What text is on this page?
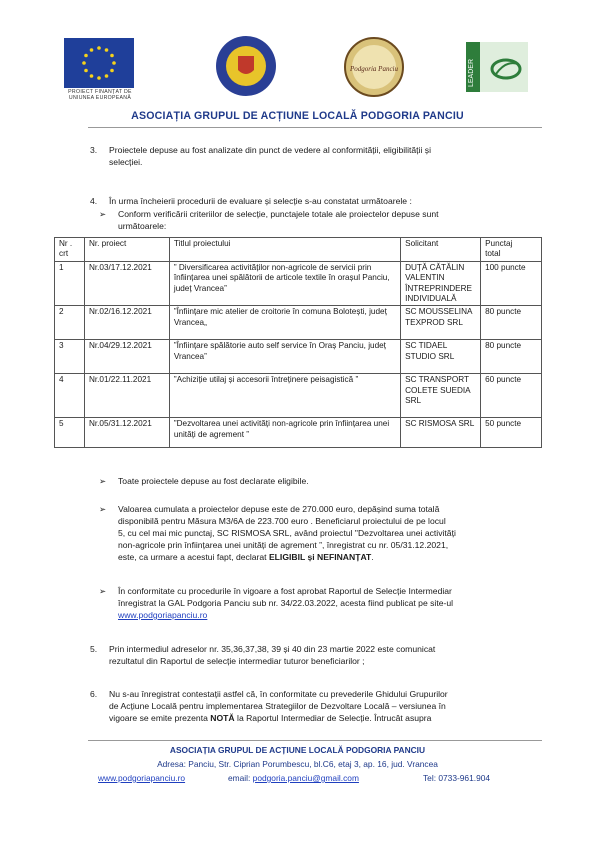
PROIECT FINANȚAT DE UNIUNEA EUROPEANĂ
Podgoria Panciu	LEADER
ASOCIAȚIA GRUPUL DE ACȚIUNE LOCALĂ PODGORIA PANCIU
3. Proiectele depuse au fost analizate din punct de vedere al conformității, eligibilității și
selecției.
4. În urma încheierii procedurii de evaluare și selecție s-au constatat următoarele :
➢ Conform verificării criteriilor de selecție, punctajele totale ale proiectelor depuse sunt
următoarele:
Nr .
crt	Nr. proiect	Titlul proiectului	Solicitant	Punctaj
total
1	Nr.03/17.12.2021	” Diversificarea activităților non-agricole de servicii prin înființarea unei spălătorii de articole textile în orașul Panciu, județ Vrancea”	DUȚĂ CĂTĂLIN VALENTIN ÎNTREPRINDERE INDIVIDUALĂ	100 puncte
2	Nr.02/16.12.2021	”Înființare mic atelier de croitorie în comuna Bolotești, județ Vrancea„	SC MOUSSELINA TEXPROD SRL	80 puncte
3	Nr.04/29.12.2021	”Înființare spălătorie auto self service în Oraș Panciu, județ Vrancea”	SC TIDAEL STUDIO SRL	80 puncte
4	Nr.01/22.11.2021	”Achiziție utilaj și accesorii întreținere peisagistică ”	SC TRANSPORT COLETE SUEDIA SRL	60 puncte
5	Nr.05/31.12.2021	”Dezvoltarea unei activități non-agricole prin înființarea unei unități de agrement ”	SC RISMOSA SRL	50 puncte
➢ Toate proiectele depuse au fost declarate eligibile.
➢ Valoarea cumulata a proiectelor depuse este de 270.000 euro, depășind suma totală
disponibilă pentru Măsura M3/6A de 223.700 euro . Beneficiarul proiectului de pe locul
5, cu cel mai mic punctaj, SC RISMOSA SRL, având proiectul "Dezvoltarea unei activități
non-agricole prin înființarea unei unități de agrement ”, înregistrat cu nr. 05/31.12.2021,
este, ca urmare a acestui fapt, declarat ELIGIBIL și NEFINANȚAT.
➢ În conformitate cu procedurile în vigoare a fost aprobat Raportul de Selecție Intermediar
înregistrat la GAL Podgoria Panciu sub nr. 34/22.03.2022, acesta fiind publicat pe site-ul
www.podgoriapanciu.ro
5. Prin intermediul adreselor nr. 35,36,37,38, 39 și 40 din 23 martie 2022 este comunicat
rezultatul din Raportul de selecție intermediar tuturor beneficiarilor ;
6. Nu s-au înregistrat contestații astfel că, în conformitate cu prevederile Ghidului Grupurilor
de Acțiune Locală pentru implementarea Strategiilor de Dezvoltare Locală – versiunea în
vigoare se emite prezenta NOTĂ la Raportul Intermediar de Selecție. Întrucât asupra
ASOCIAȚIA GRUPUL DE ACȚIUNE LOCALĂ PODGORIA PANCIU
Adresa: Panciu, Str. Ciprian Porumbescu, bl.C6, etaj 3, ap. 16, jud. Vrancea
www.podgoriapanciu.ro	email: podgoria.panciu@gmail.com	Tel: 0733-961.904
